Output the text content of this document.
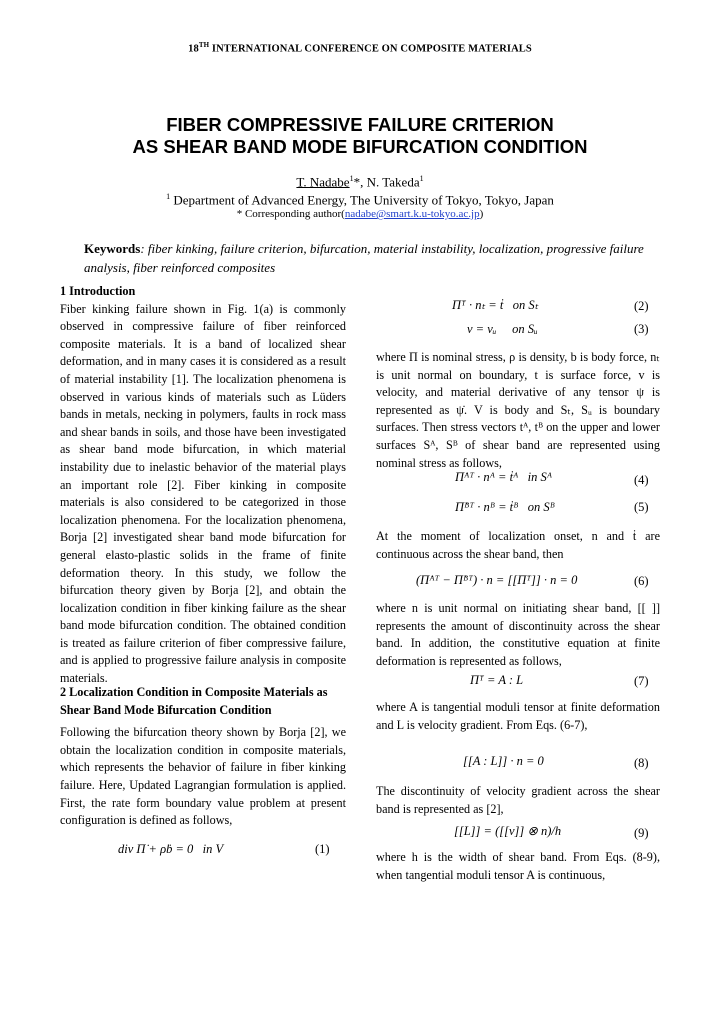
18TH INTERNATIONAL CONFERENCE ON COMPOSITE MATERIALS
FIBER COMPRESSIVE FAILURE CRITERION
AS SHEAR BAND MODE BIFURCATION CONDITION
T. Nadabe$^1$*, N. Takeda$^1$
$^1$ Department of Advanced Energy, The University of Tokyo, Tokyo, Japan
* Corresponding author(nadabe@smart.k.u-tokyo.ac.jp)
Keywords: fiber kinking, failure criterion, bifurcation, material instability, localization, progressive failure analysis, fiber reinforced composites
1 Introduction

Fiber kinking failure shown in Fig. 1(a) is commonly observed in compressive failure of fiber reinforced composite materials. It is a band of localized shear deformation, and in many cases it is considered as a result of material instability [1]. The localization phenomena is observed in various kinds of materials such as Lüders bands in metals, necking in polymers, faults in rock mass and shear bands in soils, and those have been investigated as shear band mode bifurcation, in which material instability due to inelastic behavior of the material plays an important role [2]. Fiber kinking in composite materials is also considered to be categorized in those localization phenomena. For the localization phenomena, Borja [2] investigated shear band mode bifurcation for general elasto-plastic solids in the frame of finite deformation theory. In this study, we follow the bifurcation theory given by Borja [2], and obtain the localization condition in fiber kinking failure as the shear band mode bifurcation condition. The obtained condition is treated as failure criterion of fiber compressive failure, and is applied to progressive failure analysis in composite materials.

2 Localization Condition in Composite Materials as Shear Band Mode Bifurcation Condition

Following the bifurcation theory shown by Borja [2], we obtain the localization condition in composite materials, which represents the behavior of failure in fiber kinking failure. Here, Updated Lagrangian formulation is applied. First, the rate form boundary value problem at present configuration is defined as follows,

div Π̇ + ρḃ = 0 in V	(1)
Π̇ᵀ · nₜ = ṫ on Sₜ	(2)
v = vᵤ on Sᵤ	(3)
where Π is nominal stress, ρ is density, b is body force, nₜ is unit normal on boundary, t is surface force, v is velocity, and material derivative of any tensor ψ is represented as ψ̇. V is body and Sₜ, Sᵤ is boundary surfaces. Then stress vectors tᴬ, tᴮ on the upper and lower surfaces Sᴬ, Sᴮ of shear band are represented using nominal stress as follows,
Π̇ᴬᵀ · nᴬ = ṫᴬ in Sᴬ	(4)
Π̇ᴮᵀ · nᴮ = ṫᴮ on Sᴮ	(5)
At the moment of localization onset, n and ṫ are continuous across the shear band, then
(Π̇ᴬᵀ − Π̇ᴮᵀ) · n = [[Π̇ᵀ]] · n = 0	(6)
where n is unit normal on initiating shear band, [[ ]] represents the amount of discontinuity across the shear band. In addition, the constitutive equation at finite deformation is represented as follows,
Π̇ᵀ = A : L	(7)
where A is tangential moduli tensor at finite deformation and L is velocity gradient. From Eqs. (6-7),
[[A : L]] · n = 0	(8)
The discontinuity of velocity gradient across the shear band is represented as [2],
[[L]] = ([[v]] ⊗ n)/h	(9)
where h is the width of shear band. From Eqs. (8-9), when tangential moduli tensor A is continuous,
